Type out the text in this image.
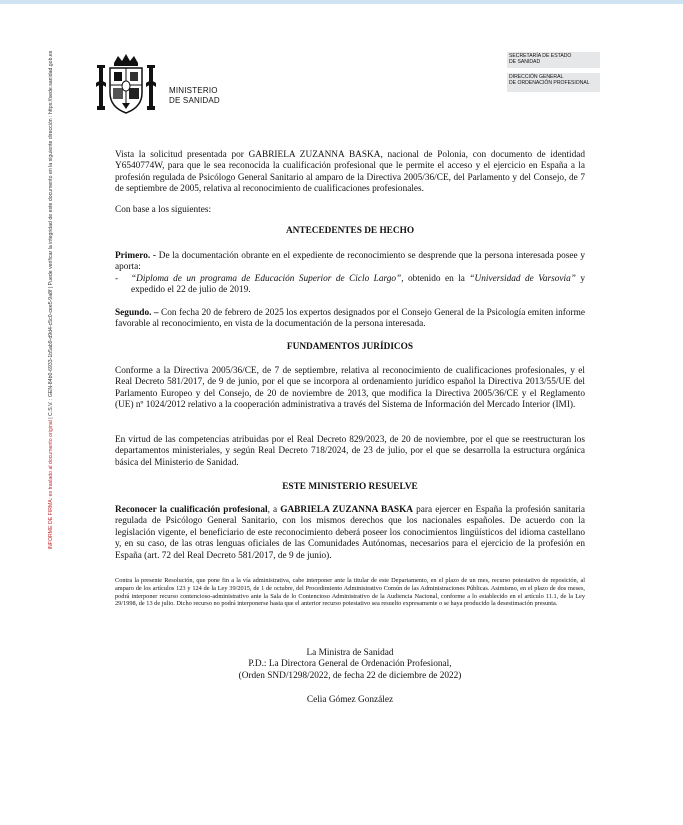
INFORME DE FIRMA: es traslado al documento original | C.S.V. : GEN-84b0-6933-1b5ab9-d9d4-c5c0-cee5-9a8f | Puede verificar la integridad de este documento en la siguiente dirección : https://sede.sanidad.gob.es	MINISTERIO
DE SANIDAD
SECRETARÍA DE ESTADO
DE SANIDAD
DIRECCIÓN GENERAL
DE ORDENACIÓN PROFESIONAL

Vista la solicitud presentada por GABRIELA ZUZANNA BASKA, nacional de Polonia, con documento de identidad Y6540774W, para que le sea reconocida la cualificación profesional que le permite el acceso y el ejercicio en España a la profesión regulada de Psicólogo General Sanitario al amparo de la Directiva 2005/36/CE, del Parlamento y del Consejo, de 7 de septiembre de 2005, relativa al reconocimiento de cualificaciones profesionales.

Con base a los siguientes:

ANTECEDENTES DE HECHO

Primero. - De la documentación obrante en el expediente de reconocimiento se desprende que la persona interesada posee y aporta:

-	“Diploma de un programa de Educación Superior de Ciclo Largo”, obtenido en la “Universidad de Varsovia” y expedido el 22 de julio de 2019.

Segundo. – Con fecha 20 de febrero de 2025 los expertos designados por el Consejo General de la Psicología emiten informe favorable al reconocimiento, en vista de la documentación de la persona interesada.

FUNDAMENTOS JURÍDICOS

Conforme a la Directiva 2005/36/CE, de 7 de septiembre, relativa al reconocimiento de cualificaciones profesionales, y el Real Decreto 581/2017, de 9 de junio, por el que se incorpora al ordenamiento jurídico español la Directiva 2013/55/UE del Parlamento Europeo y del Consejo, de 20 de noviembre de 2013, que modifica la Directiva 2005/36/CE y el Reglamento (UE) nº 1024/2012 relativo a la cooperación administrativa a través del Sistema de Información del Mercado Interior (IMI).

En virtud de las competencias atribuidas por el Real Decreto 829/2023, de 20 de noviembre, por el que se reestructuran los departamentos ministeriales, y según Real Decreto 718/2024, de 23 de julio, por el que se desarrolla la estructura orgánica básica del Ministerio de Sanidad.

ESTE MINISTERIO RESUELVE

Reconocer la cualificación profesional, a GABRIELA ZUZANNA BASKA para ejercer en España la profesión sanitaria regulada de Psicólogo General Sanitario, con los mismos derechos que los nacionales españoles. De acuerdo con la legislación vigente, el beneficiario de este reconocimiento deberá poseer los conocimientos lingüísticos del idioma castellano y, en su caso, de las otras lenguas oficiales de las Comunidades Autónomas, necesarios para el ejercicio de la profesión en España (art. 72 del Real Decreto 581/2017, de 9 de junio).

Contra la presente Resolución, que pone fin a la vía administrativa, cabe interponer ante la titular de este Departamento, en el plazo de un mes, recurso potestativo de reposición, al amparo de los artículos 123 y 124 de la Ley 39/2015, de 1 de octubre, del Procedimiento Administrativo Común de las Administraciones Públicas. Asimismo, en el plazo de dos meses, podrá interponer recurso contencioso-administrativo ante la Sala de lo Contencioso Administrativo de la Audiencia Nacional, conforme a lo establecido en el artículo 11.1, de la Ley 29/1998, de 13 de julio. Dicho recurso no podrá interponerse hasta que el anterior recurso potestativo sea resuelto expresamente o se haya producido la desestimación presunta.
La Ministra de Sanidad
P.D.: La Directora General de Ordenación Profesional,
(Orden SND/1298/2022, de fecha 22 de diciembre de 2022)
Celia Gómez González
